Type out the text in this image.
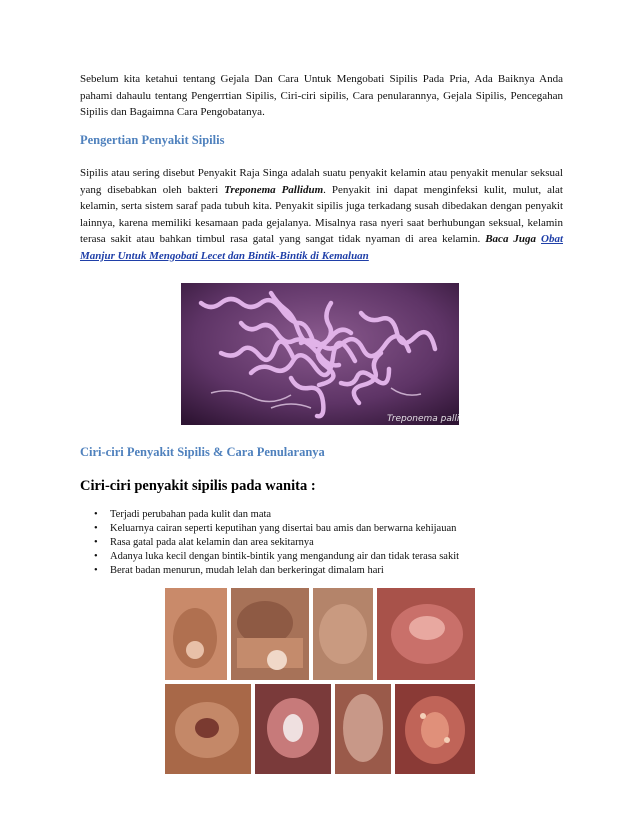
Sebelum kita ketahui tentang Gejala Dan Cara Untuk Mengobati Sipilis Pada Pria, Ada Baiknya Anda pahami dahaulu tentang Pengerrtian Sipilis, Ciri-ciri sipilis, Cara penularannya, Gejala Sipilis, Pencegahan Sipilis dan Bagaimna Cara Pengobatanya.

Pengertian Penyakit Sipilis

Sipilis atau sering disebut Penyakit Raja Singa adalah suatu penyakit kelamin atau penyakit menular seksual yang disebabkan oleh bakteri Treponema Pallidum. Penyakit ini dapat menginfeksi kulit, mulut, alat kelamin, serta sistem saraf pada tubuh kita. Penyakit sipilis juga terkadang susah dibedakan dengan penyakit lainnya, karena memiliki kesamaan pada gejalanya. Misalnya rasa nyeri saat berhubungan seksual, kelamin terasa sakit atau bahkan timbul rasa gatal yang sangat tidak nyaman di area kelamin. Baca Juga Obat Manjur Untuk Mengobati Lecet dan Bintik-Bintik di Kemaluan

Treponema pallidum
Ciri-ciri Penyakit Sipilis & Cara Penularanya
Ciri-ciri penyakit sipilis pada wanita :
• Terjadi perubahan pada kulit dan mata
• Keluarnya cairan seperti keputihan yang disertai bau amis dan berwarna kehijauan
• Rasa gatal pada alat kelamin dan area sekitarnya
• Adanya luka kecil dengan bintik-bintik yang mengandung air dan tidak terasa sakit
• Berat badan menurun, mudah lelah dan berkeringat dimalam hari
